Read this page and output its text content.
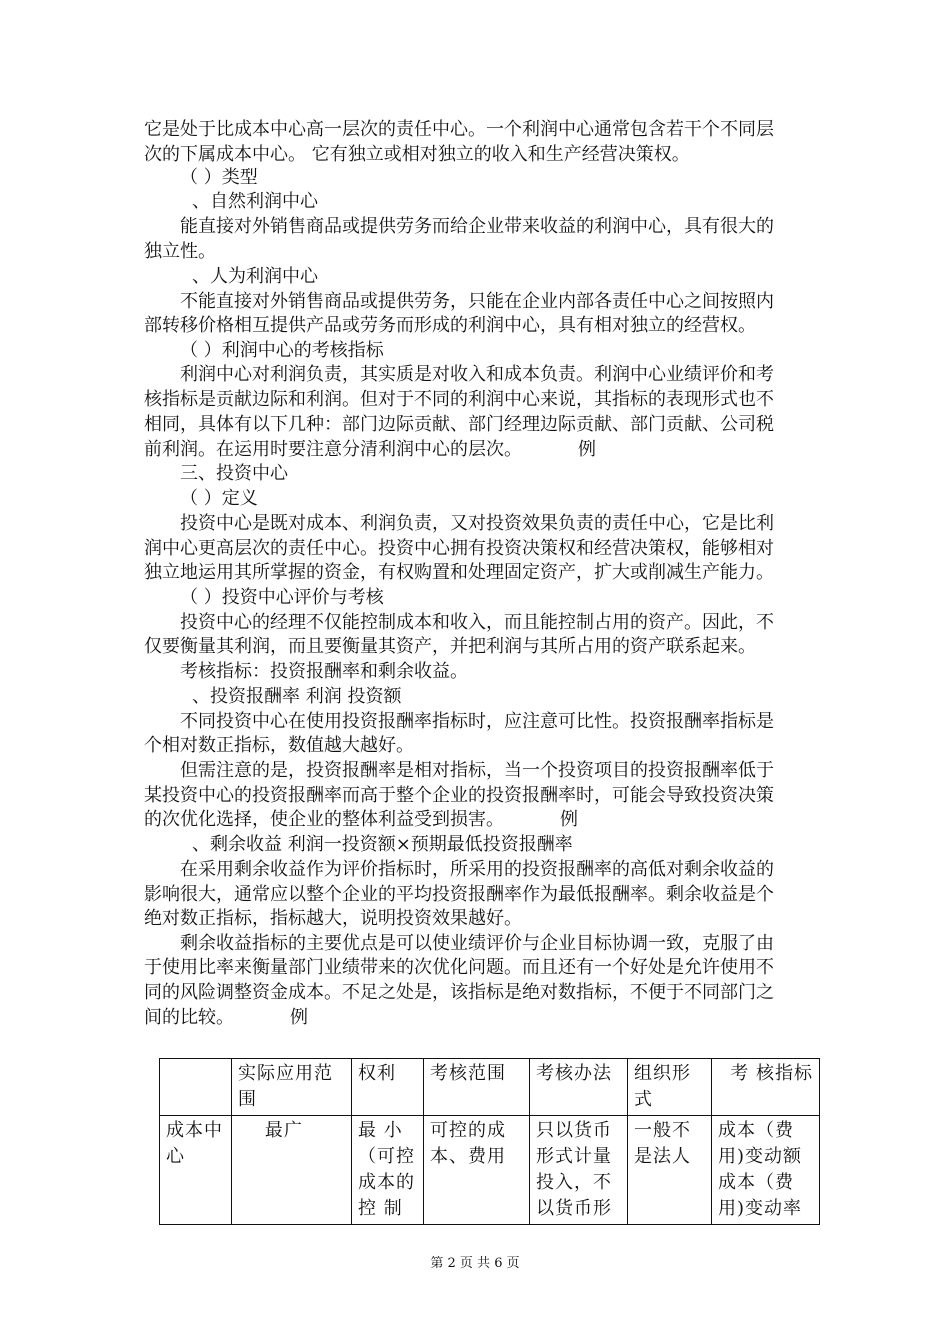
它是处于比成本中心高一层次的责任中心。一个利润中心通常包含若干个不同层
次的下属成本中心。 它有独立或相对独立的收入和生产经营决策权。
（ ）类型
、自然利润中心
能直接对外销售商品或提供劳务而给企业带来收益的利润中心，具有很大的
独立性。
、人为利润中心
不能直接对外销售商品或提供劳务，只能在企业内部各责任中心之间按照内
部转移价格相互提供产品或劳务而形成的利润中心，具有相对独立的经营权。
（ ）利润中心的考核指标
利润中心对利润负责，其实质是对收入和成本负责。利润中心业绩评价和考
核指标是贡献边际和利润。但对于不同的利润中心来说，其指标的表现形式也不
相同，具体有以下几种：部门边际贡献、部门经理边际贡献、部门贡献、公司税
前利润。在运用时要注意分清利润中心的层次。	例
三、投资中心
（ ）定义
投资中心是既对成本、利润负责，又对投资效果负责的责任中心，它是比利
润中心更高层次的责任中心。投资中心拥有投资决策权和经营决策权，能够相对
独立地运用其所掌握的资金，有权购置和处理固定资产，扩大或削减生产能力。
（ ）投资中心评价与考核
投资中心的经理不仅能控制成本和收入，而且能控制占用的资产。因此，不
仅要衡量其利润，而且要衡量其资产，并把利润与其所占用的资产联系起来。
考核指标：投资报酬率和剩余收益。
、投资报酬率 利润 投资额
不同投资中心在使用投资报酬率指标时，应注意可比性。投资报酬率指标是
个相对数正指标，数值越大越好。
但需注意的是，投资报酬率是相对指标，当一个投资项目的投资报酬率低于
某投资中心的投资报酬率而高于整个企业的投资报酬率时，可能会导致投资决策
的次优化选择，使企业的整体利益受到损害。	例
、剩余收益 利润一投资额×预期最低投资报酬率
在采用剩余收益作为评价指标时，所采用的投资报酬率的高低对剩余收益的
影响很大，通常应以整个企业的平均投资报酬率作为最低报酬率。剩余收益是个
绝对数正指标，指标越大，说明投资效果越好。
剩余收益指标的主要优点是可以使业绩评价与企业目标协调一致，克服了由
于使用比率来衡量部门业绩带来的次优化问题。而且还有一个好处是允许使用不
同的风险调整资金成本。不足之处是，该指标是绝对数指标，不便于不同部门之
间的比较。	例
	实际应用范围	权利	考核范围	考核办法	组织形式	考 核指标
成本中心	最广	最 小（可控成本的控 制	可控的成本、费用	只以货币形式计量投入，不以货币形	一般不是法人	成本（费用)变动额成本（费用)变动率
第 2 页 共 6 页
